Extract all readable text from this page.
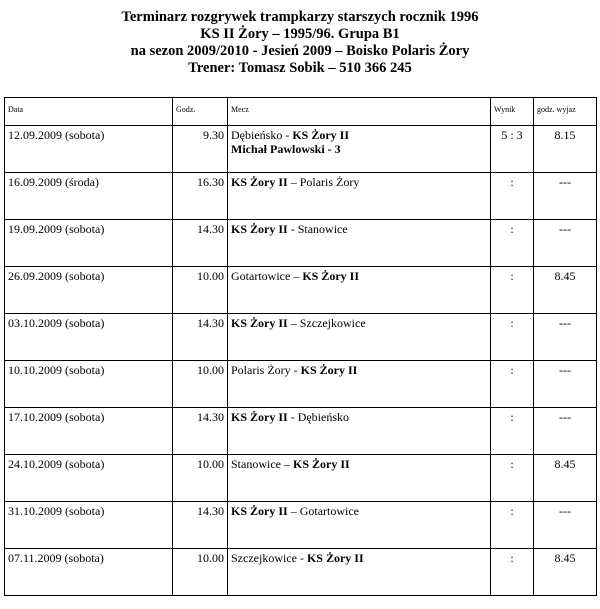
Terminarz rozgrywek trampkarzy starszych rocznik 1996
KS II Żory – 1995/96. Grupa B1
na sezon 2009/2010 - Jesień 2009 – Boisko Polaris Żory
Trener: Tomasz Sobik – 510 366 245
Data	Godz.	Mecz	Wynik	godz. wyjaz
12.09.2009 (sobota)	9.30	Dębieńsko - KS Żory II
Michał Pawlowski - 3	5 : 3	8.15
16.09.2009 (środa)	16.30	KS Żory II – Polaris Żory	:	---
19.09.2009 (sobota)	14.30	KS Żory II - Stanowice	:	---
26.09.2009 (sobota)	10.00	Gotartowice – KS Żory II	:	8.45
03.10.2009 (sobota)	14.30	KS Żory II – Szczejkowice	:	---
10.10.2009 (sobota)	10.00	Polaris Żory - KS Żory II	:	---
17.10.2009 (sobota)	14.30	KS Żory II - Dębieńsko	:	---
24.10.2009 (sobota)	10.00	Stanowice – KS Żory II	:	8.45
31.10.2009 (sobota)	14.30	KS Żory II – Gotartowice	:	---
07.11.2009 (sobota)	10.00	Szczejkowice - KS Żory II	:	8.45
